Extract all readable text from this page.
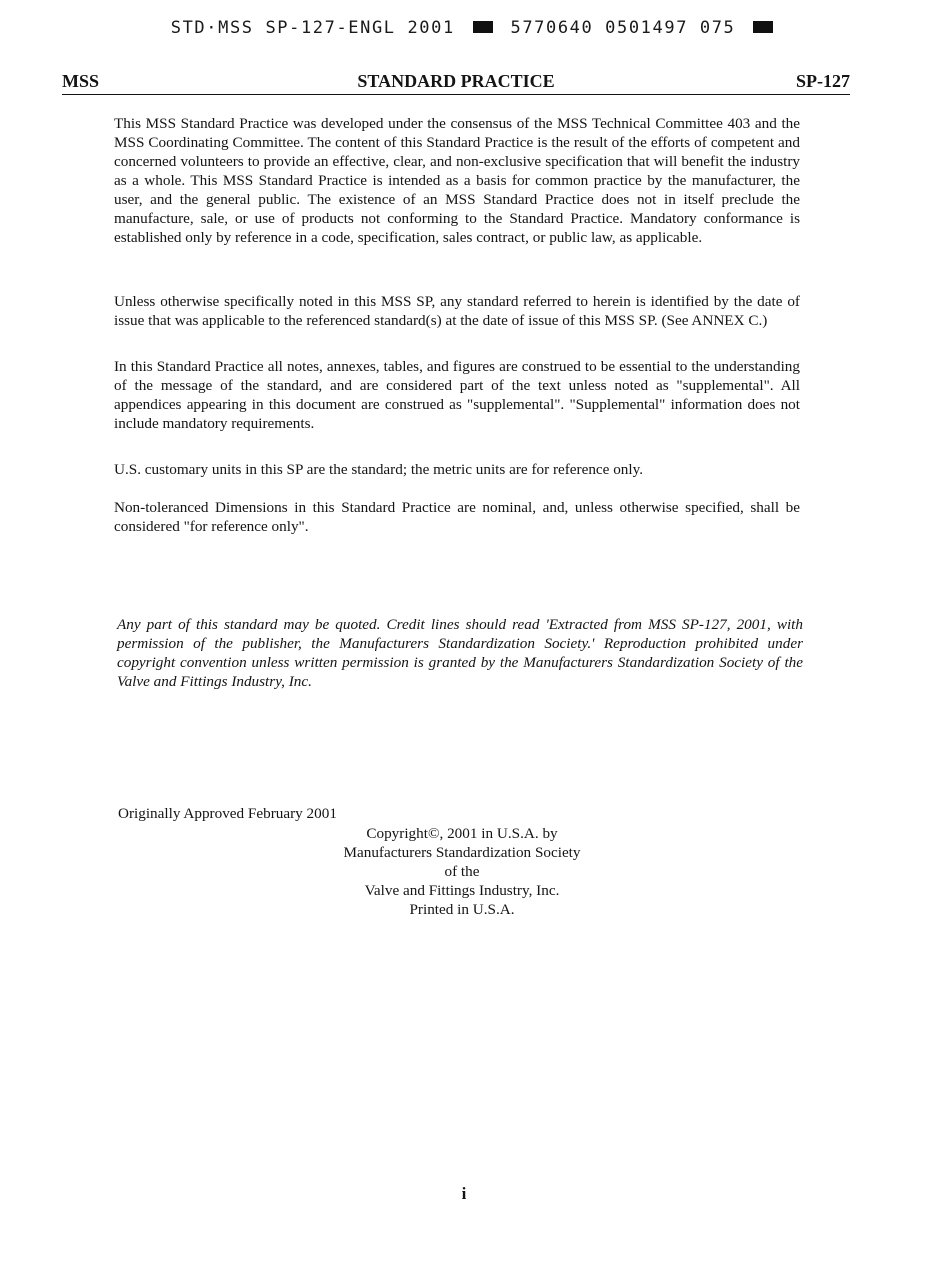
STD·MSS SP-127-ENGL 2001	5770640 0501497 075
MSS	STANDARD PRACTICE	SP-127

This MSS Standard Practice was developed under the consensus of the MSS Technical Committee 403 and the MSS Coordinating Committee. The content of this Standard Practice is the result of the efforts of competent and concerned volunteers to provide an effective, clear, and non-exclusive specification that will benefit the industry as a whole. This MSS Standard Practice is intended as a basis for common practice by the manufacturer, the user, and the general public. The existence of an MSS Standard Practice does not in itself preclude the manufacture, sale, or use of products not conforming to the Standard Practice. Mandatory conformance is established only by reference in a code, specification, sales contract, or public law, as applicable.

Unless otherwise specifically noted in this MSS SP, any standard referred to herein is identified by the date of issue that was applicable to the referenced standard(s) at the date of issue of this MSS SP. (See ANNEX C.)

In this Standard Practice all notes, annexes, tables, and figures are construed to be essential to the understanding of the message of the standard, and are considered part of the text unless noted as "supplemental". All appendices appearing in this document are construed as "supplemental". "Supplemental" information does not include mandatory requirements.

U.S. customary units in this SP are the standard; the metric units are for reference only.

Non-toleranced Dimensions in this Standard Practice are nominal, and, unless otherwise specified, shall be considered "for reference only".

Any part of this standard may be quoted. Credit lines should read 'Extracted from MSS SP-127, 2001, with permission of the publisher, the Manufacturers Standardization Society.' Reproduction prohibited under copyright convention unless written permission is granted by the Manufacturers Standardization Society of the Valve and Fittings Industry, Inc.

Originally Approved February 2001
Copyright©, 2001 in U.S.A. by
Manufacturers Standardization Society
of the
Valve and Fittings Industry, Inc.
Printed in U.S.A.
i
